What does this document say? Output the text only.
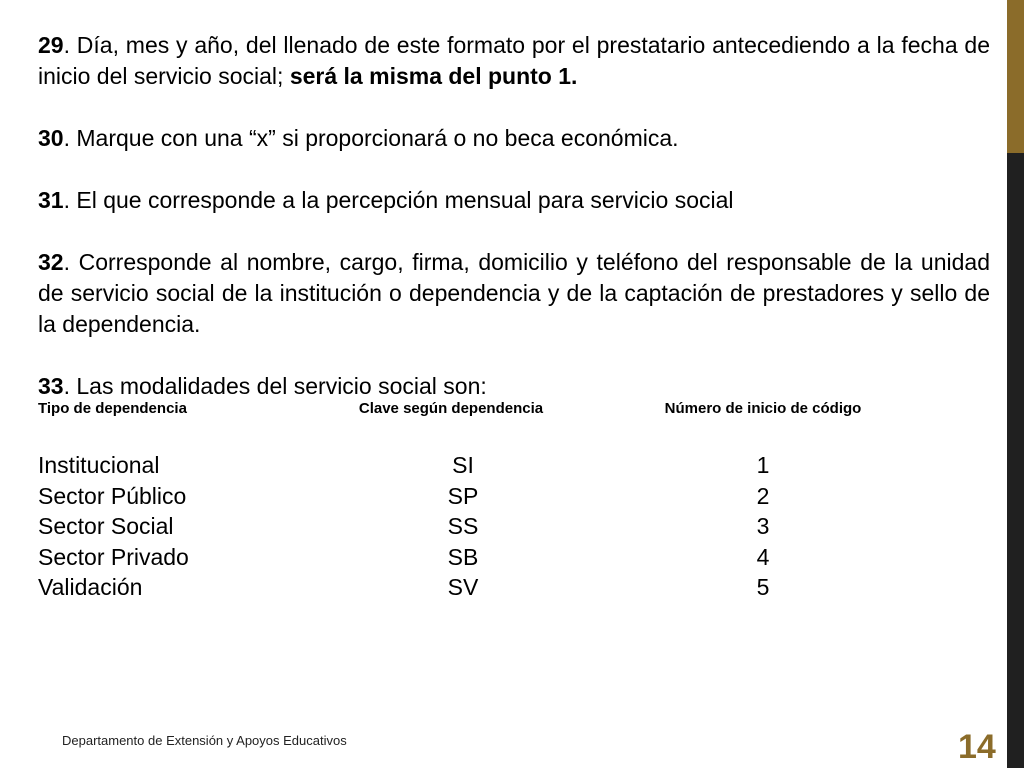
29. Día, mes y año, del llenado de este formato por el prestatario antecediendo a la fecha de inicio del servicio social; será la misma del punto 1.

30. Marque con una “x” si proporcionará o no beca económica.

31. El que corresponde a la percepción mensual para servicio social

32. Corresponde al nombre, cargo, firma, domicilio y teléfono del responsable de la unidad de servicio social de la institución o dependencia y de la captación de prestadores y sello de la dependencia.

33. Las modalidades del servicio social son:

Tipo de dependencia	Clave según dependencia	Número de inicio de código
Institucional	SI	1
Sector Público	SP	2
Sector Social	SS	3
Sector Privado	SB	4
Validación	SV	5
Departamento de Extensión y Apoyos Educativos	14
